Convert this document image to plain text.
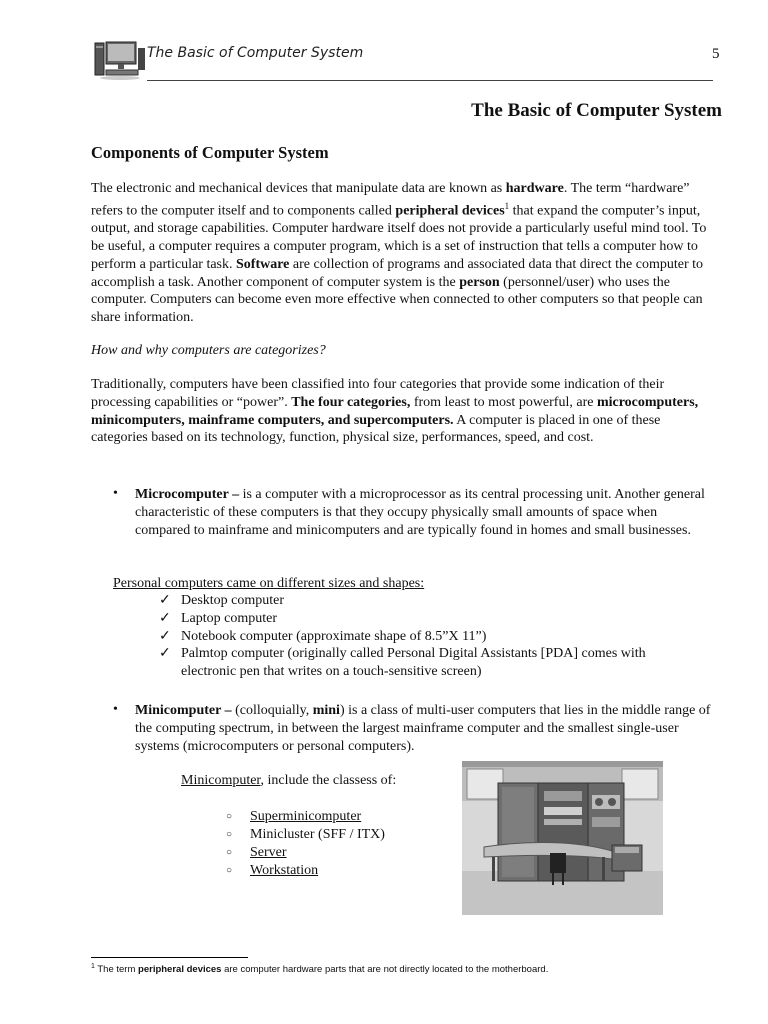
The Basic of Computer System	5
The Basic of Computer System
Components of Computer System

The electronic and mechanical devices that manipulate data are known as hardware. The term “hardware” refers to the computer itself and to components called peripheral devices$^1$ that expand the computer’s input, output, and storage capabilities. Computer hardware itself does not provide a particularly useful mind tool. To be useful, a computer requires a computer program, which is a set of instruction that tells a computer how to perform a particular task. Software are collection of programs and associated data that direct the computer to accomplish a task. Another component of computer system is the person (personnel/user) who uses the computer. Computers can become even more effective when connected to other computers so that people can share information.

How and why computers are categorizes?

Traditionally, computers have been classified into four categories that provide some indication of their processing capabilities or “power”. The four categories, from least to most powerful, are microcomputers, minicomputers, mainframe computers, and supercomputers. A computer is placed in one of these categories based on its technology, function, physical size, performances, speed, and cost.

• Microcomputer – is a computer with a microprocessor as its central processing unit. Another general characteristic of these computers is that they occupy physically small amounts of space when compared to mainframe and minicomputers and are typically found in homes and small businesses.

Personal computers came on different sizes and shapes:

✓ Desktop computer
✓ Laptop computer
✓ Notebook computer (approximate shape of 8.5”X 11”)
✓ Palmtop computer (originally called Personal Digital Assistants [PDA] comes with electronic pen that writes on a touch-sensitive screen)
• Minicomputer – (colloquially, mini) is a class of multi-user computers that lies in the middle range of the computing spectrum, in between the largest mainframe computer and the smallest single-user systems (microcomputers or personal computers).

Minicomputer, include the classess of:

○ Superminicomputer
○ Minicluster (SFF / ITX)
○ Server
○ Workstation
$^1$ The term peripheral devices are computer hardware parts that are not directly located to the motherboard.
